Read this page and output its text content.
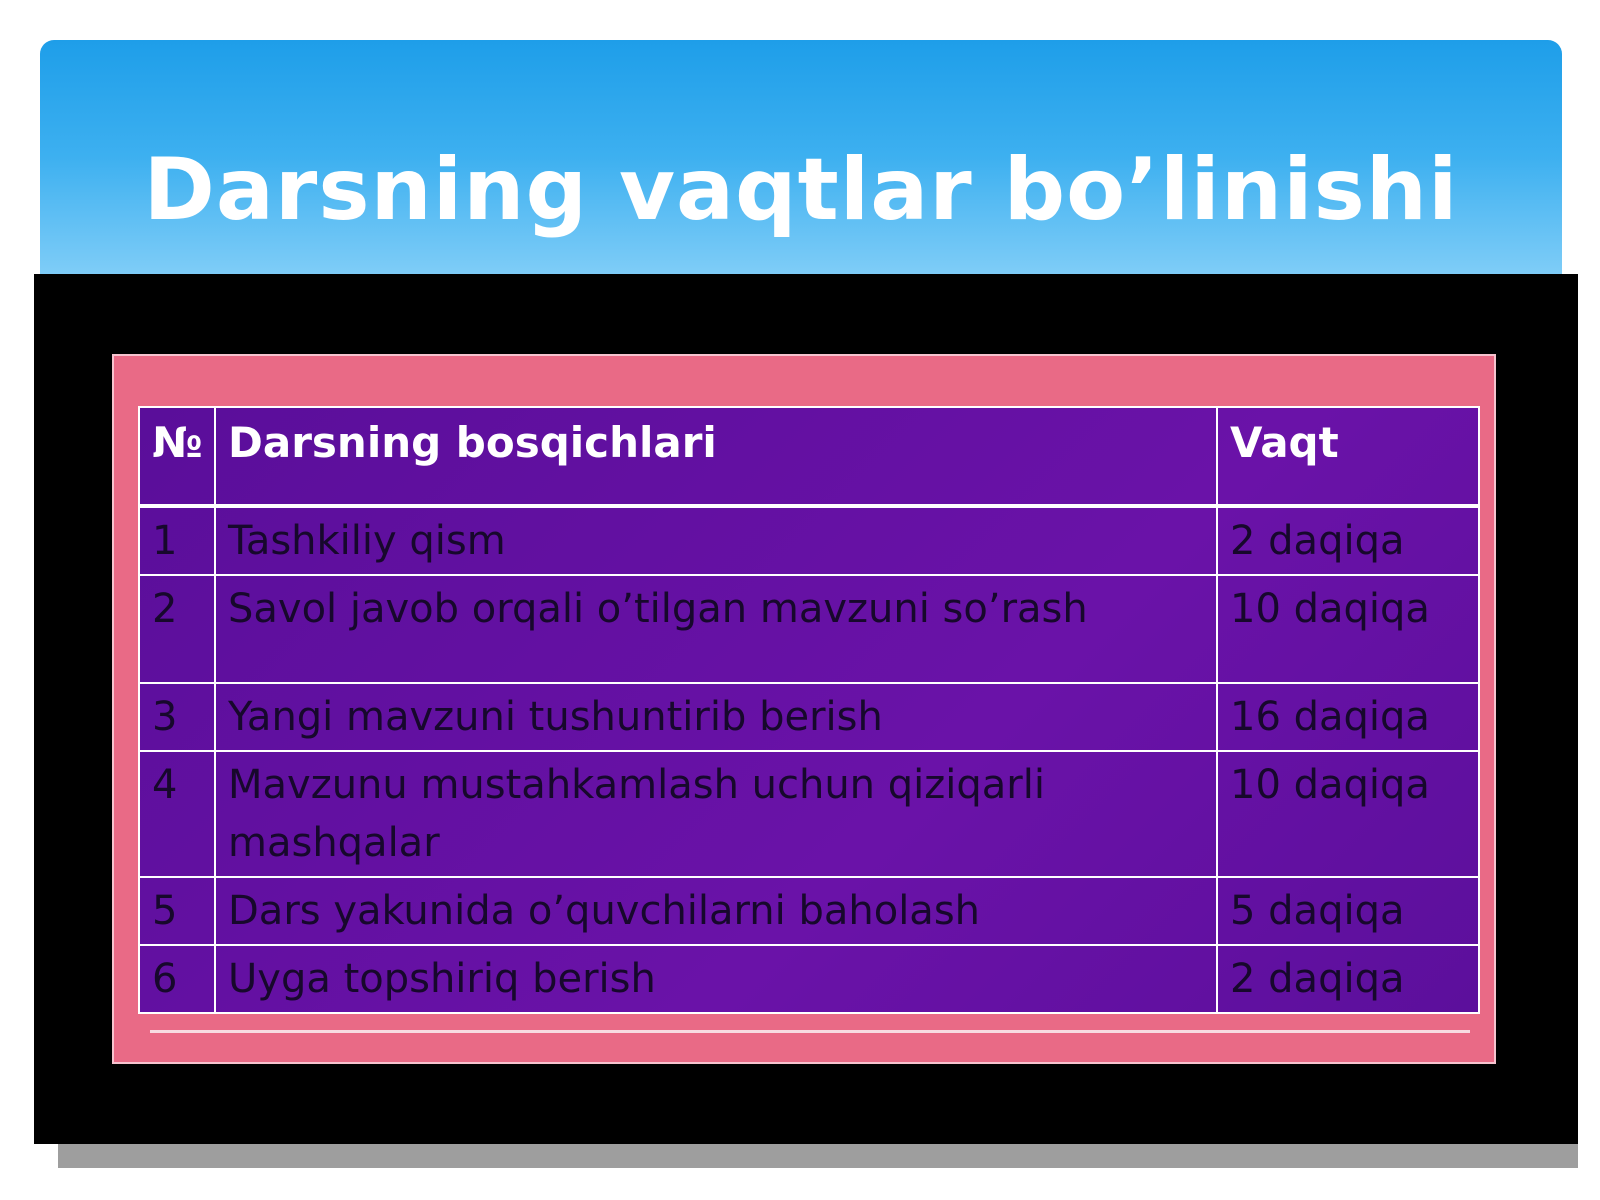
Darsning vaqtlar bo’linishi
№	Darsning bosqichlari	Vaqt
1	Tashkiliy qism	2 daqiqa
2	Savol javob orqali o’tilgan mavzuni so’rash	10 daqiqa
3	Yangi mavzuni tushuntirib berish	16 daqiqa
4	Mavzunu mustahkamlash uchun qiziqarli mashqalar	10 daqiqa
5	Dars yakunida o’quvchilarni baholash	5 daqiqa
6	Uyga topshiriq berish	2 daqiqa
